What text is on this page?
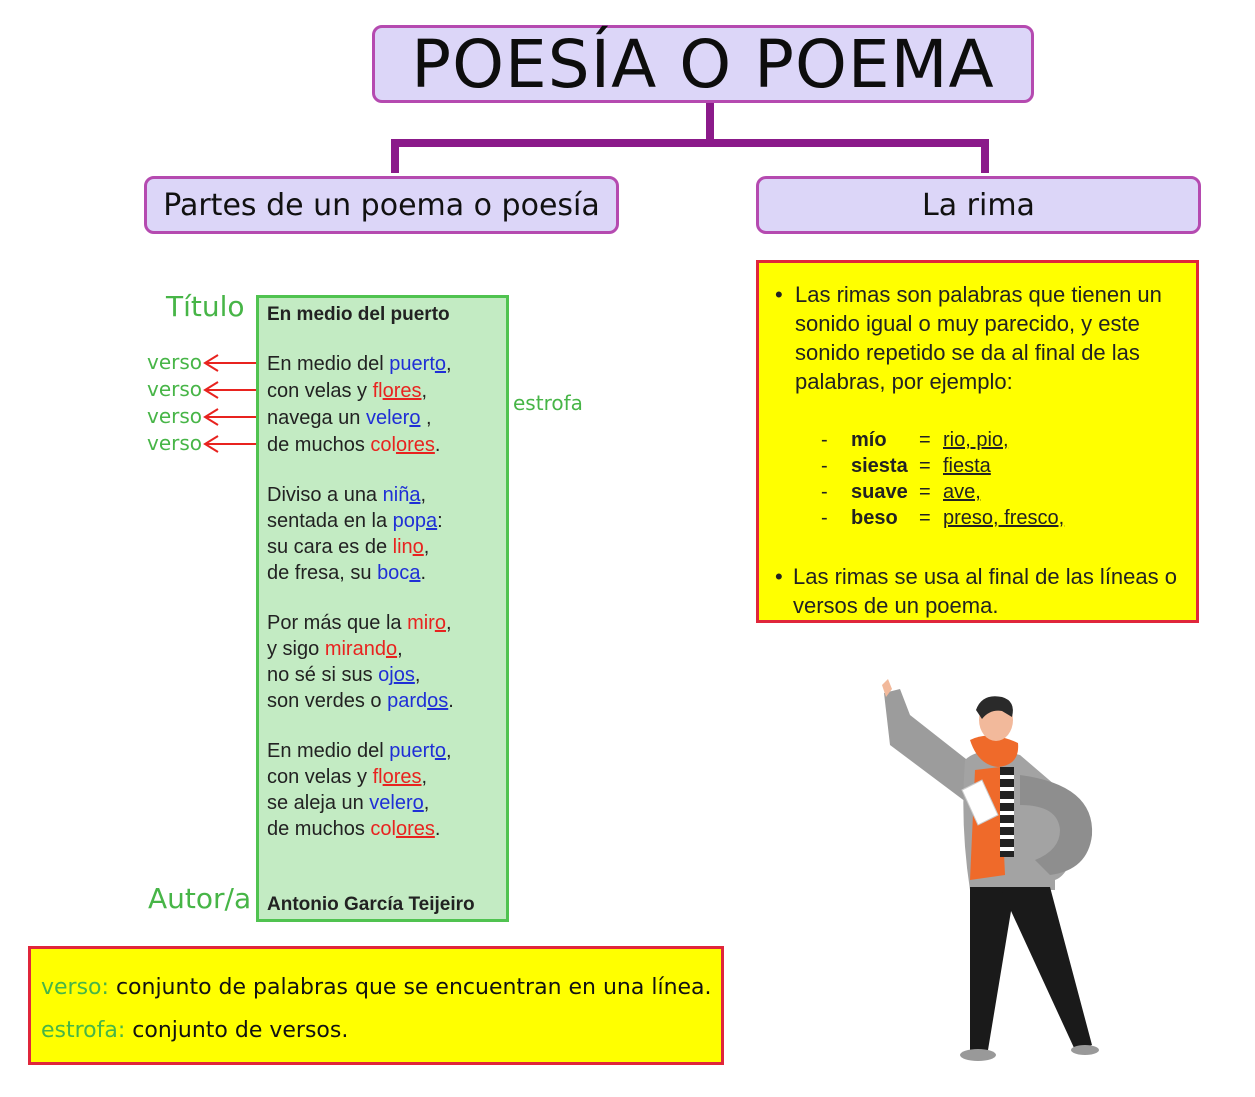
POESÍA O POEMA
Partes de un poema o poesía	La rima
Título
verso
verso
verso
verso
Autor/a
estrofa
En medio del puerto
En medio del puerto,
con velas y flores,
navega un velero ,
de muchos colores.
Diviso a una niña,
sentada en la popa:
su cara es de lino,
de fresa, su boca.
Por más que la miro,
y sigo mirando,
no sé si sus ojos,
son verdes o pardos.
En medio del puerto,
con velas y flores,
se aleja un velero,
de muchos colores.
Antonio García Teijeiro
• Las rimas son palabras que tienen un sonido igual o muy parecido, y este sonido repetido se da al final de las palabras, por ejemplo:
- mío = rio, pio,
- siesta = fiesta
- suave = ave,
- beso = preso, fresco,
• Las rimas se usa al final de las líneas o versos de un poema.
verso: conjunto de palabras que se encuentran en una línea.
estrofa: conjunto de versos.
